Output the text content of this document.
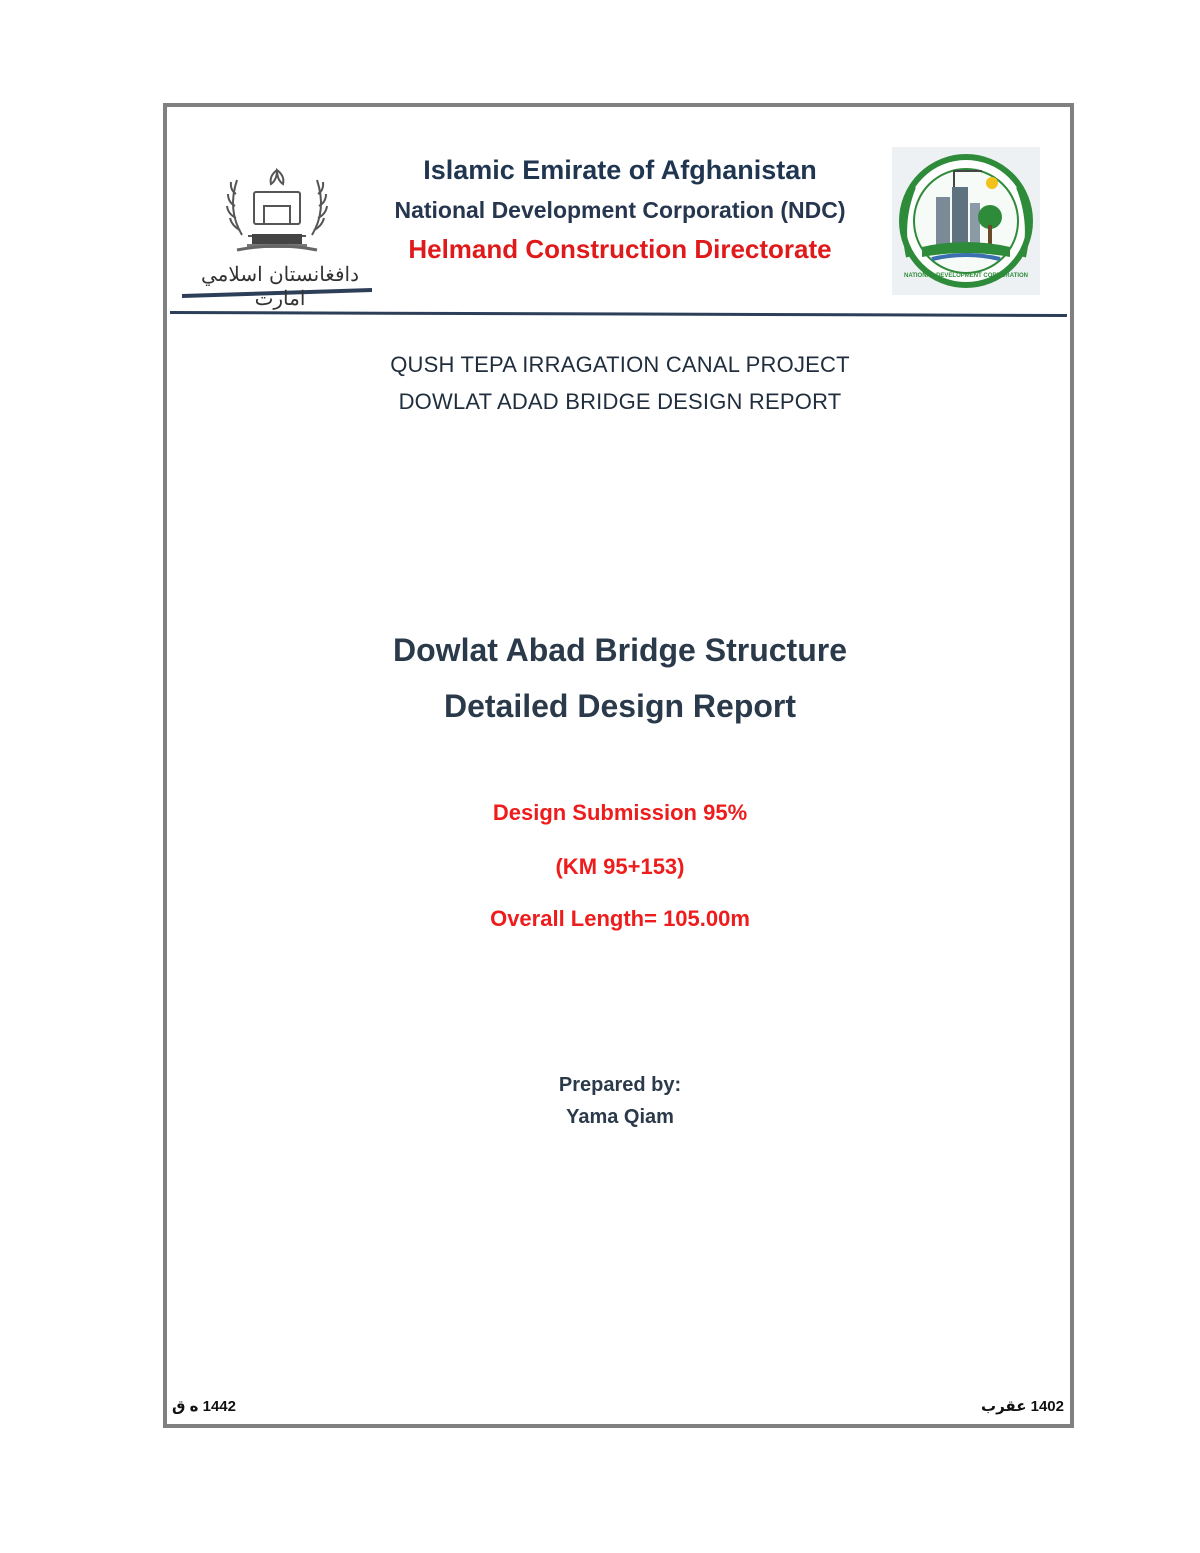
دافغانستان اسلامي امارت
NATIONAL DEVELOPMENT CORPORATION
Islamic Emirate of Afghanistan
National Development Corporation (NDC)
Helmand Construction Directorate
QUSH TEPA IRRAGATION CANAL PROJECT
DOWLAT ADAD BRIDGE DESIGN REPORT
Dowlat Abad Bridge Structure
Detailed Design Report
Design Submission 95%
(KM 95+153)
Overall Length= 105.00m
Prepared by:
Yama Qiam
1442 ه ق	1402 عقرب
